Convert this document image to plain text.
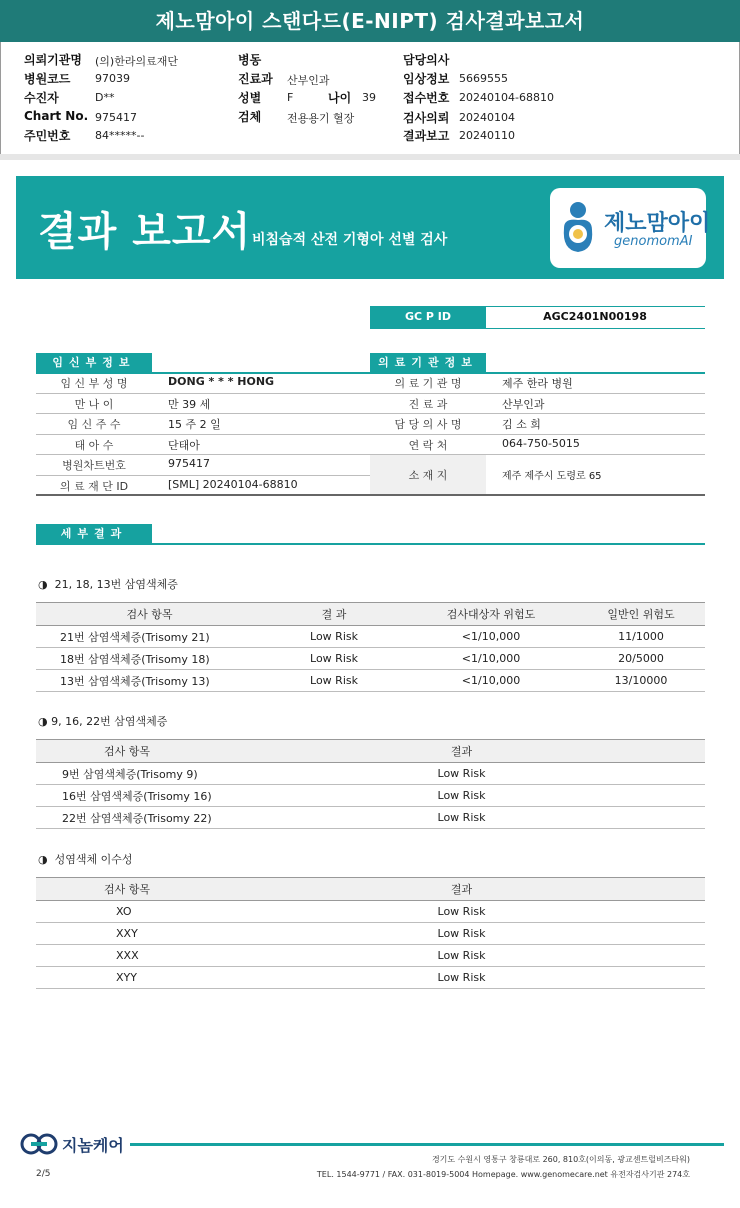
제노맘아이 스탠다드(E-NIPT) 검사결과보고서
의뢰기관명 (의)한라의료재단
병원코드 97039
수진자	D**
Chart No. 975417
주민번호 84*****--
병동
진료과 산부인과
성별 F	나이 39
검체 전용용기 혈장
담당의사
임상정보 5669555
접수번호 20240104-68810
검사의뢰 20240104
결과보고 20240110
결과 보고서 비침습적 산전 기형아 선별 검사
제노맘아이
genomomAI
GC P ID	AGC2401N00198
임신부정보	의료기관정보
임 신 부 성 명	DONG * * * HONG
만 나 이	만 39 세
임 신 주 수	15 주 2 일
태 아 수	단태아
병원차트번호	975417
의 료 재 단 ID	[SML] 20240104-68810
의 료 기 관 명	제주 한라 병원
진 료 과	산부인과
담 당 의 사 명	김 소 희
연 락 처	064-750-5015
소 재 지	제주 제주시 도령로 65
세부결과
◑ 21, 18, 13번 삼염색체증
검사 항목	결 과	검사대상자 위험도	일반인 위험도
21번 삼염색체증(Trisomy 21)	Low Risk	<1/10,000	11/1000
18번 삼염색체증(Trisomy 18)	Low Risk	<1/10,000	20/5000
13번 삼염색체증(Trisomy 13)	Low Risk	<1/10,000	13/10000
◑ 9, 16, 22번 삼염색체증
검사 항목	결과
9번 삼염색체증(Trisomy 9)	Low Risk
16번 삼염색체증(Trisomy 16)	Low Risk
22번 삼염색체증(Trisomy 22)	Low Risk
◑ 성염색체 이수성
검사 항목	결과
XO	Low Risk
XXY	Low Risk
XXX	Low Risk
XYY	Low Risk
지놈케어
2/5
경기도 수원시 영통구 창룡대로 260, 810호(이의동, 광교센트럴비즈타워)
TEL. 1544-9771 / FAX. 031-8019-5004 Homepage. www.genomecare.net 유전자검사기관 274호
